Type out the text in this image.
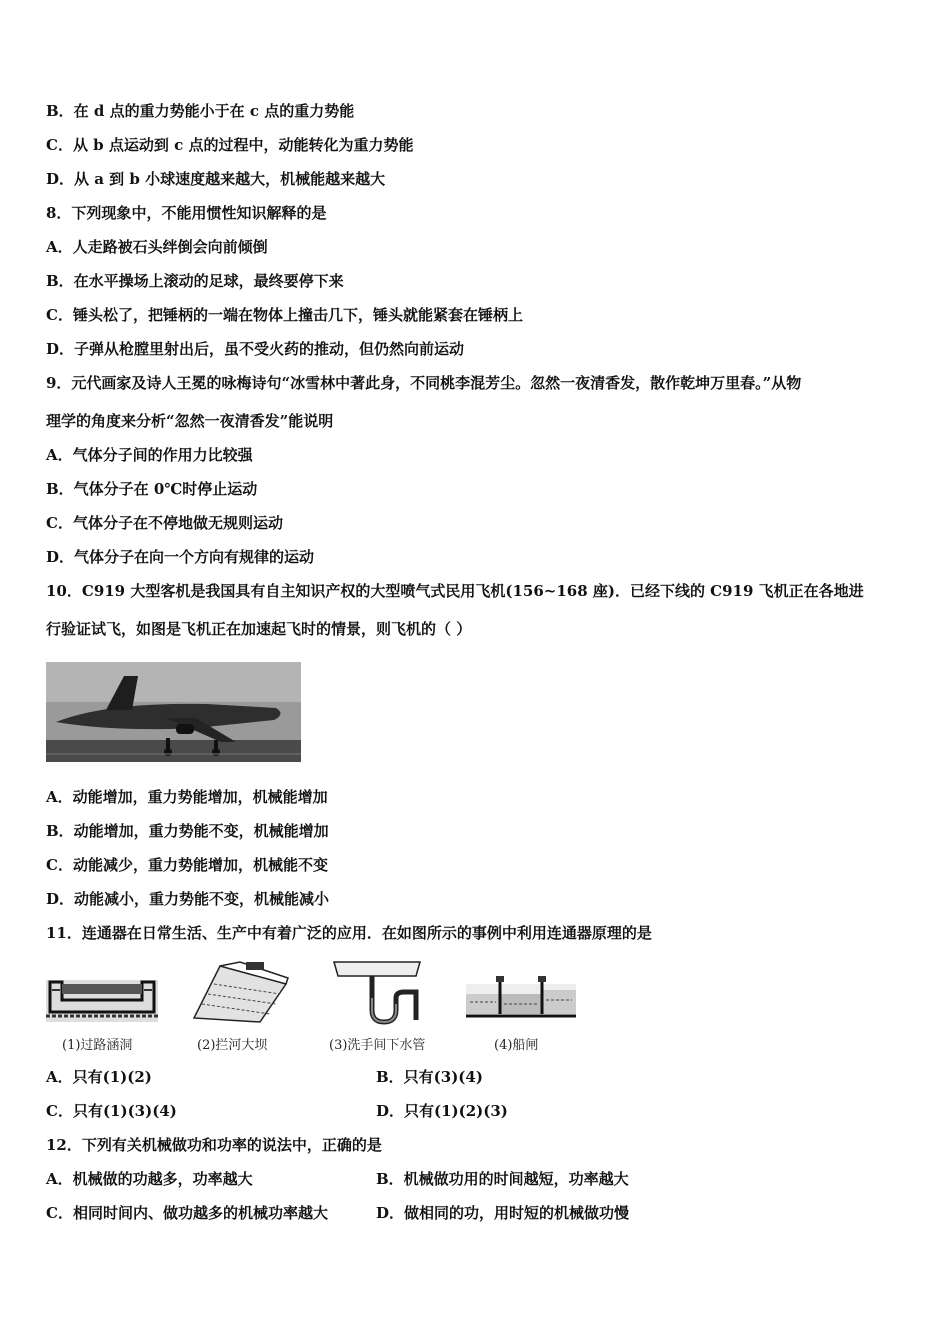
B．在 d 点的重力势能小于在 c 点的重力势能
C．从 b 点运动到 c 点的过程中，动能转化为重力势能
D．从 a 到 b 小球速度越来越大，机械能越来越大
8．下列现象中，不能用惯性知识解释的是
A．人走路被石头绊倒会向前倾倒
B．在水平操场上滚动的足球，最终要停下来
C．锤头松了，把锤柄的一端在物体上撞击几下，锤头就能紧套在锤柄上
D．子弹从枪膛里射出后，虽不受火药的推动，但仍然向前运动
9．元代画家及诗人王冕的咏梅诗句“冰雪林中著此身，不同桃李混芳尘。忽然一夜清香发，散作乾坤万里春。”从物
理学的角度来分析“忽然一夜清香发”能说明
A．气体分子间的作用力比较强
B．气体分子在 0℃时停止运动
C．气体分子在不停地做无规则运动
D．气体分子在向一个方向有规律的运动
10．C919 大型客机是我国具有自主知识产权的大型喷气式民用飞机(156~168 座)．已经下线的 C919 飞机正在各地进
行验证试飞，如图是飞机正在加速起飞时的情景，则飞机的（ ）
A．动能增加，重力势能增加，机械能增加
B．动能增加，重力势能不变，机械能增加
C．动能减少，重力势能增加，机械能不变
D．动能减小，重力势能不变，机械能减小
11．连通器在日常生活、生产中有着广泛的应用．在如图所示的事例中利用连通器原理的是
(1)过路涵洞	(2)拦河大坝	(3)洗手间下水管	(4)船闸
A．只有(1)(2)	B．只有(3)(4)
C．只有(1)(3)(4)	D．只有(1)(2)(3)
12．下列有关机械做功和功率的说法中，正确的是
A．机械做的功越多，功率越大	B．机械做功用的时间越短，功率越大
C．相同时间内、做功越多的机械功率越大	D．做相同的功，用时短的机械做功慢
